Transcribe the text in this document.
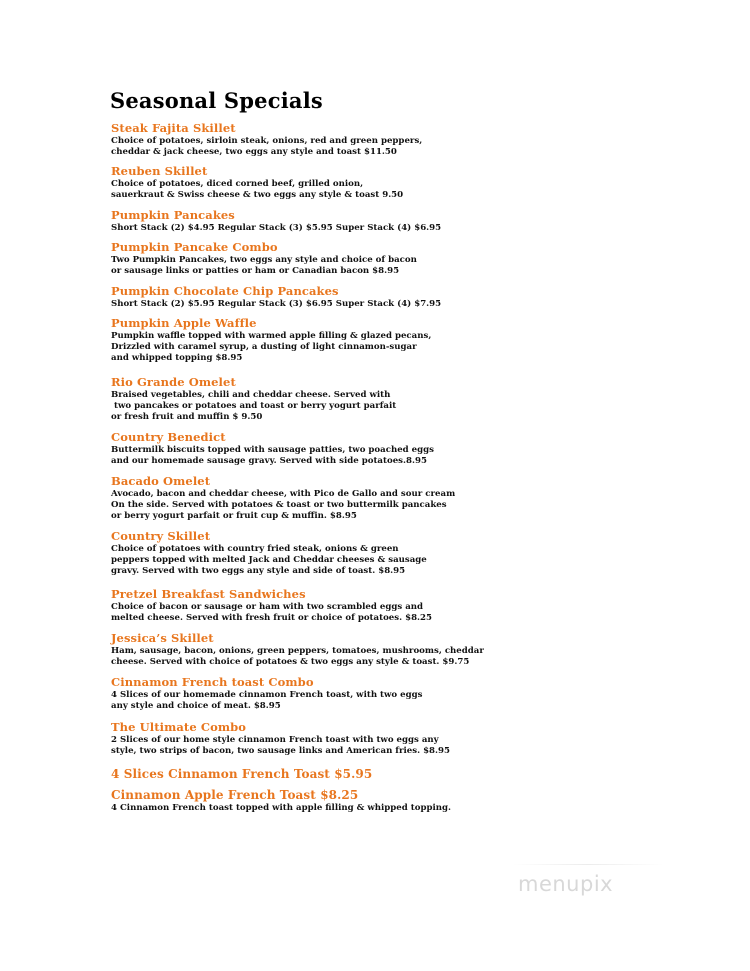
Seasonal Specials
Steak Fajita Skillet
Choice of potatoes, sirloin steak, onions, red and green peppers,
cheddar & jack cheese, two eggs any style and toast $11.50
Reuben Skillet
Choice of potatoes, diced corned beef, grilled onion,
sauerkraut & Swiss cheese & two eggs any style & toast 9.50
Pumpkin Pancakes
Short Stack (2) $4.95 Regular Stack (3) $5.95 Super Stack (4) $6.95
Pumpkin Pancake Combo
Two Pumpkin Pancakes, two eggs any style and choice of bacon
or sausage links or patties or ham or Canadian bacon $8.95
Pumpkin Chocolate Chip Pancakes
Short Stack (2) $5.95 Regular Stack (3) $6.95 Super Stack (4) $7.95
Pumpkin Apple Waffle
Pumpkin waffle topped with warmed apple filling & glazed pecans,
Drizzled with caramel syrup, a dusting of light cinnamon-sugar
and whipped topping $8.95
Rio Grande Omelet
Braised vegetables, chili and cheddar cheese. Served with
two pancakes or potatoes and toast or berry yogurt parfait
or fresh fruit and muffin $ 9.50
Country Benedict
Buttermilk biscuits topped with sausage patties, two poached eggs
and our homemade sausage gravy. Served with side potatoes.8.95
Bacado Omelet
Avocado, bacon and cheddar cheese, with Pico de Gallo and sour cream
On the side. Served with potatoes & toast or two buttermilk pancakes
or berry yogurt parfait or fruit cup & muffin. $8.95
Country Skillet
Choice of potatoes with country fried steak, onions & green
peppers topped with melted Jack and Cheddar cheeses & sausage
gravy. Served with two eggs any style and side of toast. $8.95
Pretzel Breakfast Sandwiches
Choice of bacon or sausage or ham with two scrambled eggs and
melted cheese. Served with fresh fruit or choice of potatoes. $8.25
Jessica’s Skillet
Ham, sausage, bacon, onions, green peppers, tomatoes, mushrooms, cheddar
cheese. Served with choice of potatoes & two eggs any style & toast. $9.75
Cinnamon French toast Combo
4 Slices of our homemade cinnamon French toast, with two eggs
any style and choice of meat. $8.95
The Ultimate Combo
2 Slices of our home style cinnamon French toast with two eggs any
style, two strips of bacon, two sausage links and American fries. $8.95
4 Slices Cinnamon French Toast $5.95
Cinnamon Apple French Toast $8.25
4 Cinnamon French toast topped with apple filling & whipped topping.
menupix
